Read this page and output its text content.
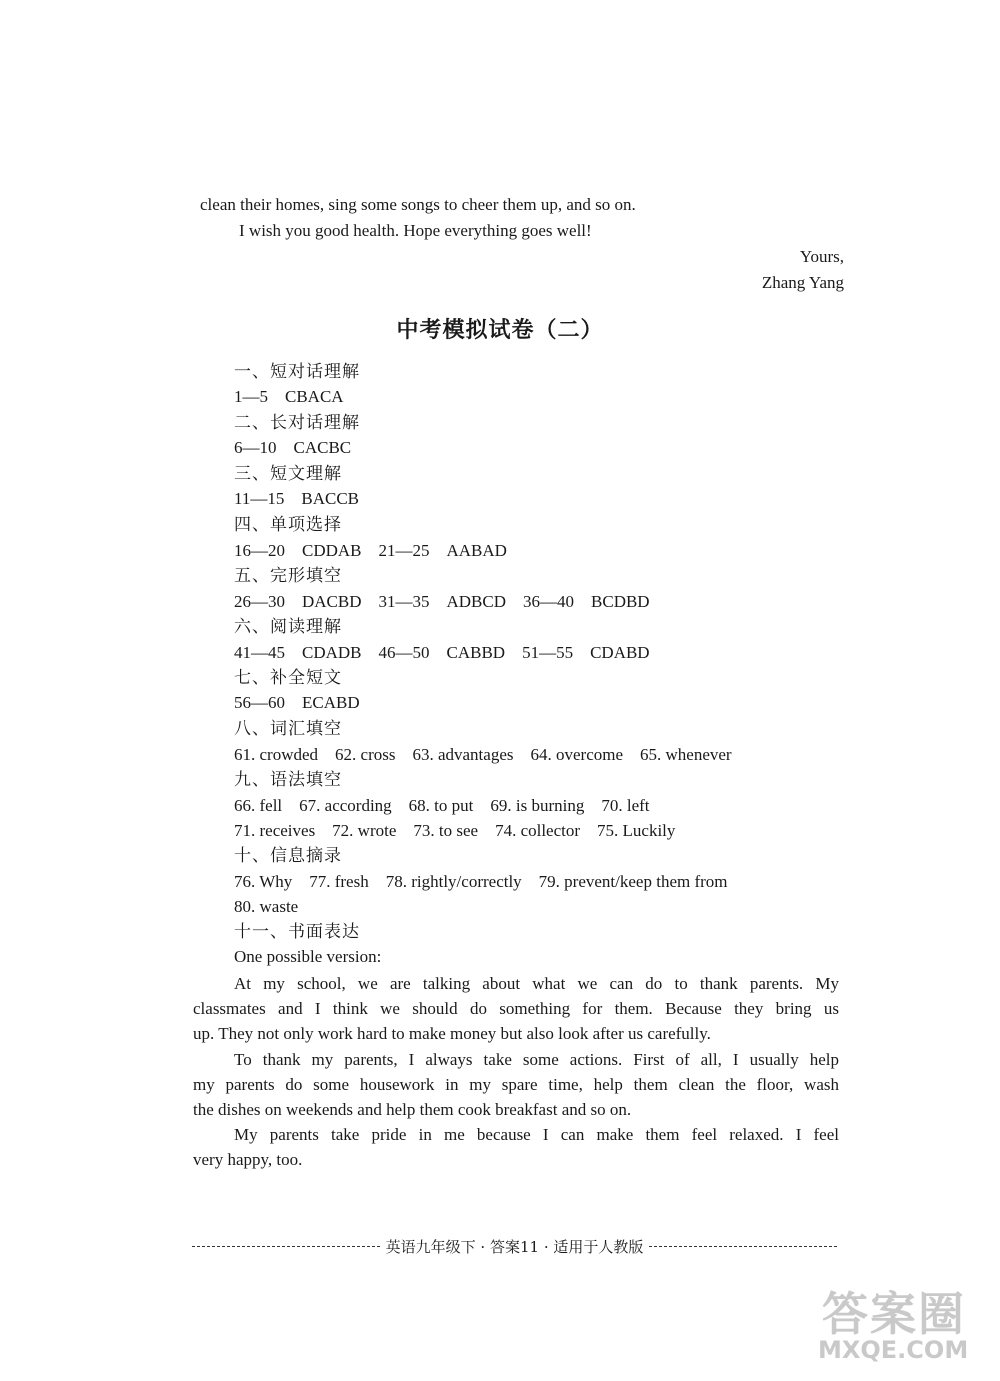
clean their homes, sing some songs to cheer them up, and so on.
I wish you good health. Hope everything goes well!
Yours,
Zhang Yang
中考模拟试卷（二）
一、短对话理解
1—5　CBACA
二、长对话理解
6—10　CACBC
三、短文理解
11—15　BACCB
四、单项选择
16—20　CDDAB　21—25　AABAD
五、完形填空
26—30　DACBD　31—35　ADBCD　36—40　BCDBD
六、阅读理解
41—45　CDADB　46—50　CABBD　51—55　CDABD
七、补全短文
56—60　ECABD
八、词汇填空
61. crowded　62. cross　63. advantages　64. overcome　65. whenever
九、语法填空
66. fell　67. according　68. to put　69. is burning　70. left
71. receives　72. wrote　73. to see　74. collector　75. Luckily
十、信息摘录
76. Why　77. fresh　78. rightly/correctly　79. prevent/keep them from
80. waste
十一、书面表达
One possible version:
At my school, we are talking about what we can do to thank parents. My
classmates and I think we should do something for them. Because they bring us
up. They not only work hard to make money but also look after us carefully.
To thank my parents, I always take some actions. First of all, I usually help
my parents do some housework in my spare time, help them clean the floor, wash
the dishes on weekends and help them cook breakfast and so on.
My parents take pride in me because I can make them feel relaxed. I feel
very happy, too.
英语九年级下 · 答案11 · 适用于人教版
答案圈
MXQE.COM
